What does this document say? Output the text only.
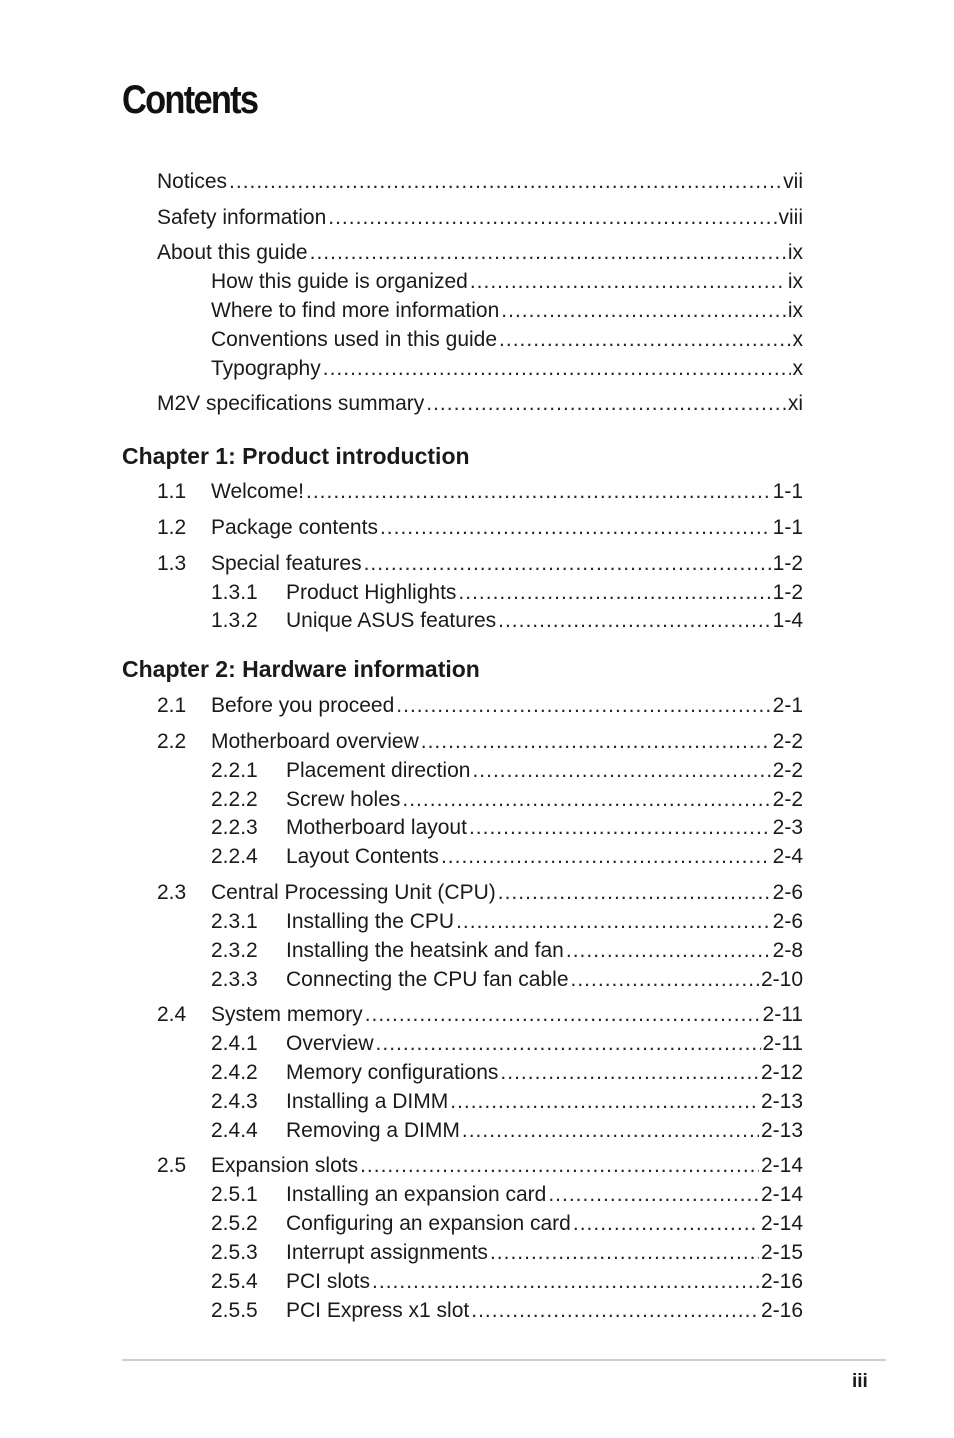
Contents
Notices .....	vii
Safety information .....	viii
About this guide .....	ix
How this guide is organized .....	ix
Where to find more information .....	ix
Conventions used in this guide .....	x
Typography .....	x
M2V specifications summary .....	xi
Chapter 1: Product introduction
1.1	Welcome! .....	1-1
1.2	Package contents .....	1-1
1.3	Special features .....	1-2
1.3.1	Product Highlights .....	1-2
1.3.2	Unique ASUS features .....	1-4
Chapter 2: Hardware information
2.1	Before you proceed .....	2-1
2.2	Motherboard overview .....	2-2
2.2.1	Placement direction .....	2-2
2.2.2	Screw holes .....	2-2
2.2.3	Motherboard layout .....	2-3
2.2.4	Layout Contents .....	2-4
2.3	Central Processing Unit (CPU) .....	2-6
2.3.1	Installing the CPU .....	2-6
2.3.2	Installing the heatsink and fan .....	2-8
2.3.3	Connecting the CPU fan cable .....	2-10
2.4	System memory .....	2-11
2.4.1	Overview .....	2-11
2.4.2	Memory configurations .....	2-12
2.4.3	Installing a DIMM .....	2-13
2.4.4	Removing a DIMM .....	2-13
2.5	Expansion slots .....	2-14
2.5.1	Installing an expansion card .....	2-14
2.5.2	Configuring an expansion card .....	2-14
2.5.3	Interrupt assignments .....	2-15
2.5.4	PCI slots .....	2-16
2.5.5	PCI Express x1 slot .....	2-16
iii
